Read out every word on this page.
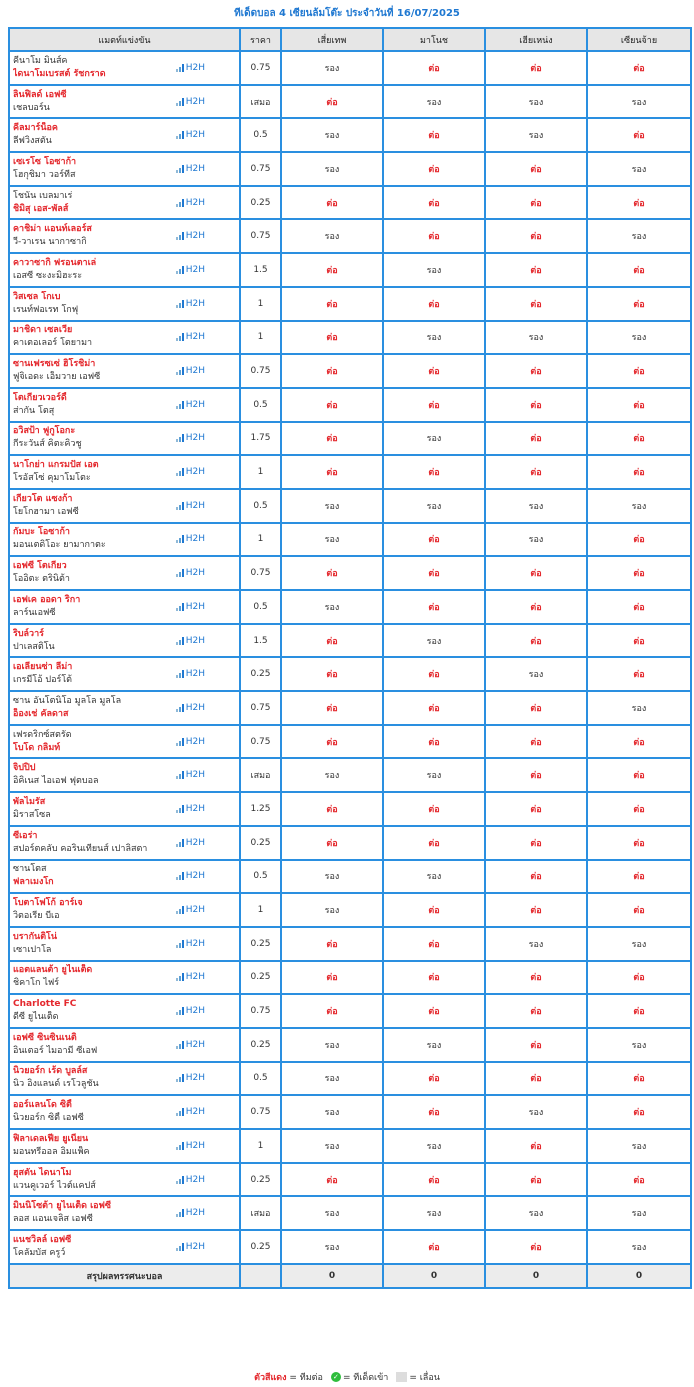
ทีเด็ดบอล 4 เซียนล้มโต๊ะ ประจำวันที่ 16/07/2025
แมตท์แข่งขัน	ราคา	เสี่ยเทพ	มาโนช	เฮียเหน่ง	เซียนจ้าย

คีนาโม มินส์ค
ไดนาโมเบรสต์ รัชกราด
H2H	0.75	รอง	ต่อ	ต่อ	ต่อ

ลินฟิลด์ เอฟซี
เชลบอร์น
H2H	เสมอ	ต่อ	รอง	รอง	รอง

คีลมาร์น็อค
ลีฟวิ่งสตัน
H2H	0.5	รอง	ต่อ	รอง	ต่อ

เซเรโซ โอซาก้า
โฮกุชิมา วอร์ทีส
H2H	0.75	รอง	ต่อ	ต่อ	รอง

โชนัน เบลมาเร่
ชิมิสุ เอส-พัลส์
H2H	0.25	ต่อ	ต่อ	ต่อ	ต่อ

คาชิม่า แอนท์เลอร์ส
วี-วาเรน นากาซากิ
H2H	0.75	รอง	ต่อ	ต่อ	รอง

คาวาซากิ ฟรอนตาเล่
เอสซี ซะงะมิฮะระ
H2H	1.5	ต่อ	รอง	ต่อ	ต่อ

วิสเซล โกเบ
เรนท์ฟอเรท โกฟุ
H2H	1	ต่อ	ต่อ	ต่อ	ต่อ

มาชิดา เซลเวีย
คาเตอเลอร์ โตยามา
H2H	1	ต่อ	รอง	รอง	รอง

ซานเฟรซเซ่ ฮิโรชิม่า
ฟูจิเอดะ เอ็มวาย เอฟซี
H2H	0.75	ต่อ	ต่อ	ต่อ	ต่อ

โตเกียวเวอร์ดี้
ส่ากัน โตสุ
H2H	0.5	ต่อ	ต่อ	ต่อ	ต่อ

อวิสป้า ฟูกูโอกะ
กีระวันส์ คิตะคิวชู
H2H	1.75	ต่อ	รอง	ต่อ	ต่อ

นาโกย่า แกรมปัส เอต
โรอัสโซ่ คุมาโมโตะ
H2H	1	ต่อ	ต่อ	ต่อ	ต่อ

เกียวโต แซงก้า
โยโกฮามา เอฟซี
H2H	0.5	รอง	รอง	รอง	รอง

กัมบะ โอซาก้า
มอนเตดิโอะ ยามากาตะ
H2H	1	รอง	ต่อ	รอง	ต่อ

เอฟซี โตเกียว
โออิตะ ตรินิต้า
H2H	0.75	ต่อ	ต่อ	ต่อ	ต่อ

เอฟเค ออดา ริกา
ลาร์นเอฟซี
H2H	0.5	รอง	ต่อ	ต่อ	ต่อ

ริบล์วาร์
ปาเลสติโน
H2H	1.5	ต่อ	รอง	ต่อ	ต่อ

เอเลียนซ่า ลีม่า
เกรมีโอ้ ปอร์โต้
H2H	0.25	ต่อ	ต่อ	รอง	ต่อ

ซาน อันโตนิโอ มูลโล มูลโล
อ็องเช่ คัลดาส
H2H	0.75	ต่อ	ต่อ	ต่อ	รอง

เฟรดริกซ์สตรัด
โบโด กลิมท์
H2H	0.75	ต่อ	ต่อ	ต่อ	ต่อ

จิปปิป
อิคิเนส ไอเอฟ ฟุตบอล
H2H	เสมอ	รอง	รอง	ต่อ	ต่อ

พัลไมรัส
มิราสโซล
H2H	1.25	ต่อ	ต่อ	ต่อ	ต่อ

ซีเอร่า
สปอร์ตคลับ คอรินเทียนส์ เปาลิสตา
H2H	0.25	ต่อ	ต่อ	ต่อ	ต่อ

ซานโตส
ฟลาเมงโก
H2H	0.5	รอง	รอง	ต่อ	ต่อ

โบตาโฟโก้ อาร์เจ
วิตอเรีย บีเอ
H2H	1	รอง	ต่อ	ต่อ	ต่อ

บรากันติโน่
เซาเปาโล
H2H	0.25	ต่อ	ต่อ	รอง	รอง

แอตแลนต้า ยูไนเต็ด
ชิคาโก ไฟร์
H2H	0.25	ต่อ	ต่อ	ต่อ	ต่อ

Charlotte FC
ดีซี ยูไนเต็ด
H2H	0.75	ต่อ	ต่อ	ต่อ	ต่อ

เอฟซี ซินซินเนติ
อินเตอร์ ไมอามี่ ซีเอฟ
H2H	0.25	รอง	รอง	ต่อ	รอง

นิวยอร์ก เร้ด บูลล์ส
นิว อิงแลนด์ เรโวลูชั่น
H2H	0.5	รอง	ต่อ	ต่อ	ต่อ

ออร์แลนโด ซิตี้
นิวยอร์ก ซิตี้ เอฟซี
H2H	0.75	รอง	ต่อ	รอง	ต่อ

ฟิลาเดลเฟีย ยูเนี่ยน
มอนทรีออล อิมแพ็ค
H2H	1	รอง	รอง	ต่อ	รอง

ฮุสตัน ไดนาโม
แวนคูเวอร์ ไวต์แคปส์
H2H	0.25	ต่อ	ต่อ	ต่อ	ต่อ

มินนิโซต้า ยูไนเต็ด เอฟซี
ลอส แอนเจลิส เอฟซี
H2H	เสมอ	รอง	รอง	รอง	รอง

แนชวิลล์ เอฟซี
โคลัมบัส ครูว์
H2H	0.25	รอง	ต่อ	ต่อ	รอง
สรุปผลทรรศนะบอล		0	0	0	0
ตัวสีแดง
= ทีมต่อ ✓ = ทีเด็ดเข้า = เลื่อน
